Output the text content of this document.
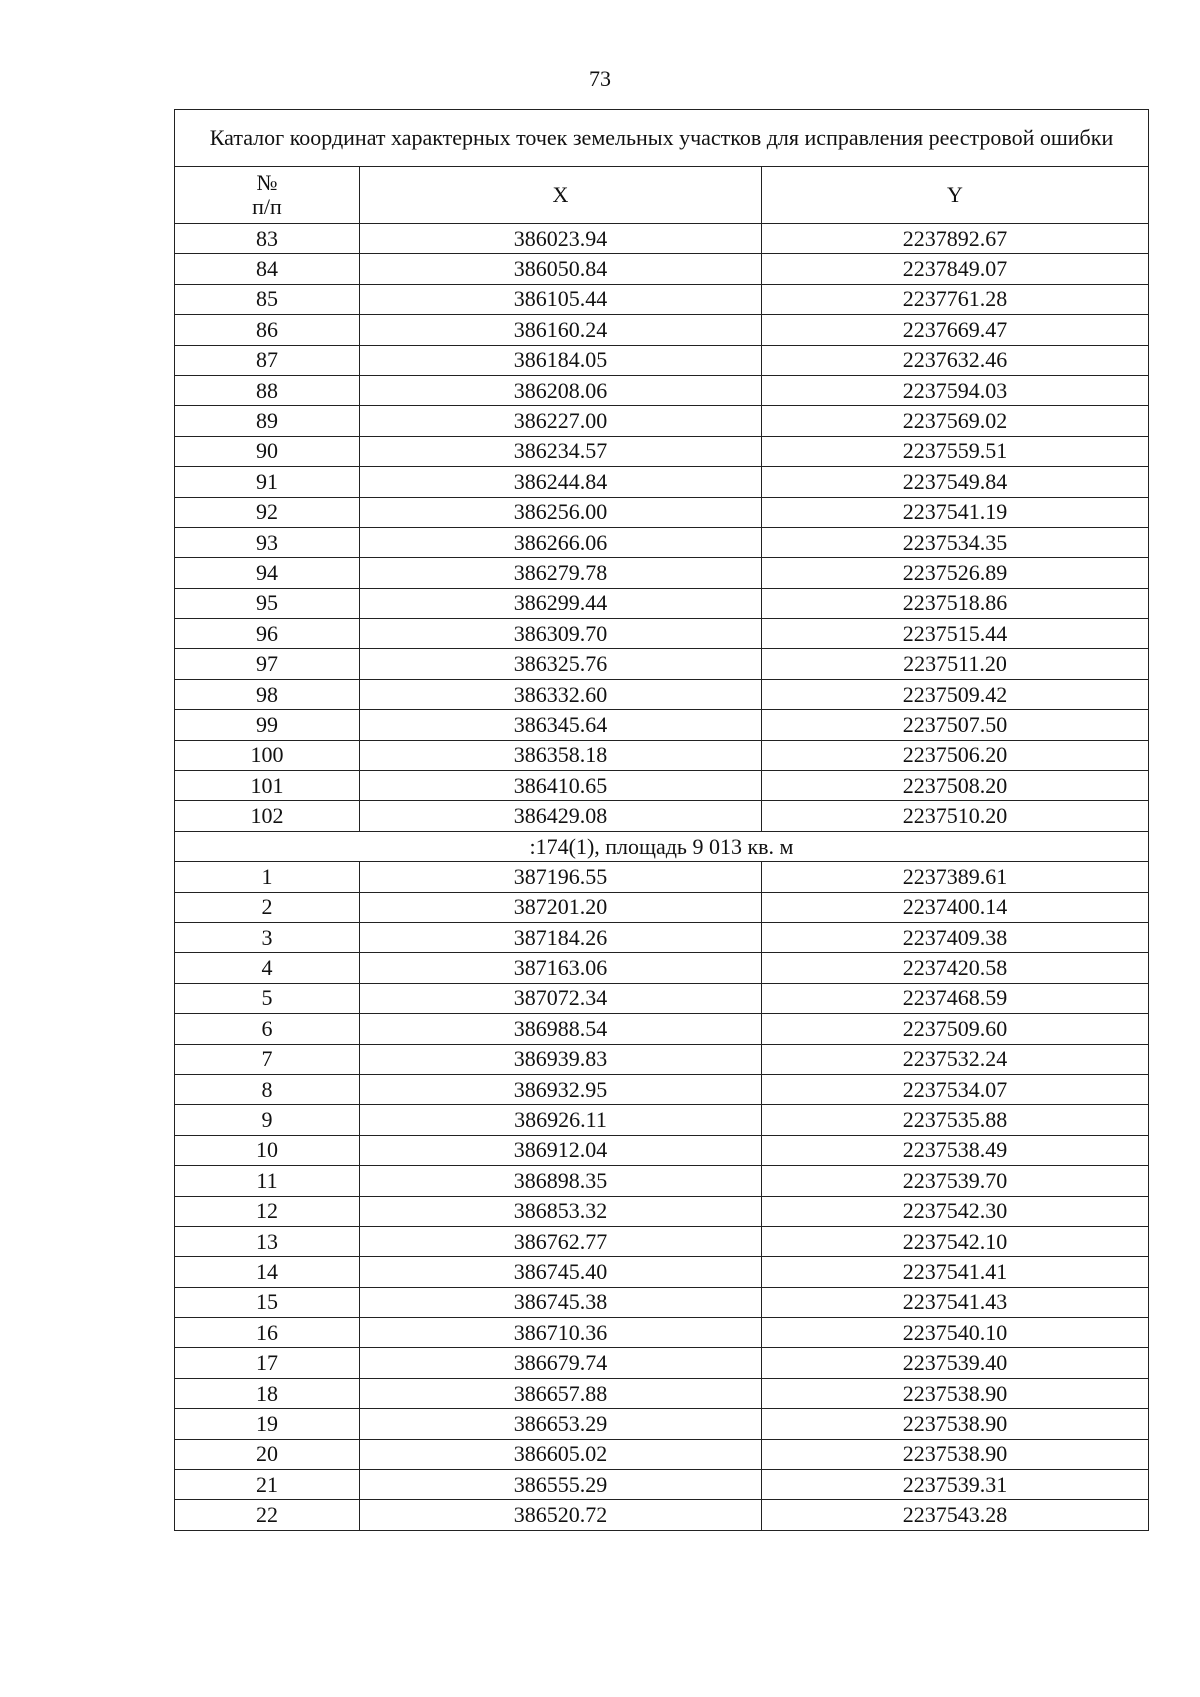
73
Каталог координат характерных точек земельных участков для исправления реестровой ошибки		

№
п/п	X	Y
83	386023.94	2237892.67
84	386050.84	2237849.07
85	386105.44	2237761.28
86	386160.24	2237669.47
87	386184.05	2237632.46
88	386208.06	2237594.03
89	386227.00	2237569.02
90	386234.57	2237559.51
91	386244.84	2237549.84
92	386256.00	2237541.19
93	386266.06	2237534.35
94	386279.78	2237526.89
95	386299.44	2237518.86
96	386309.70	2237515.44
97	386325.76	2237511.20
98	386332.60	2237509.42
99	386345.64	2237507.50
100	386358.18	2237506.20
101	386410.65	2237508.20
102	386429.08	2237510.20
:174(1), площадь 9 013 кв. м		
1	387196.55	2237389.61
2	387201.20	2237400.14
3	387184.26	2237409.38
4	387163.06	2237420.58
5	387072.34	2237468.59
6	386988.54	2237509.60
7	386939.83	2237532.24
8	386932.95	2237534.07
9	386926.11	2237535.88
10	386912.04	2237538.49
11	386898.35	2237539.70
12	386853.32	2237542.30
13	386762.77	2237542.10
14	386745.40	2237541.41
15	386745.38	2237541.43
16	386710.36	2237540.10
17	386679.74	2237539.40
18	386657.88	2237538.90
19	386653.29	2237538.90
20	386605.02	2237538.90
21	386555.29	2237539.31
22	386520.72	2237543.28
